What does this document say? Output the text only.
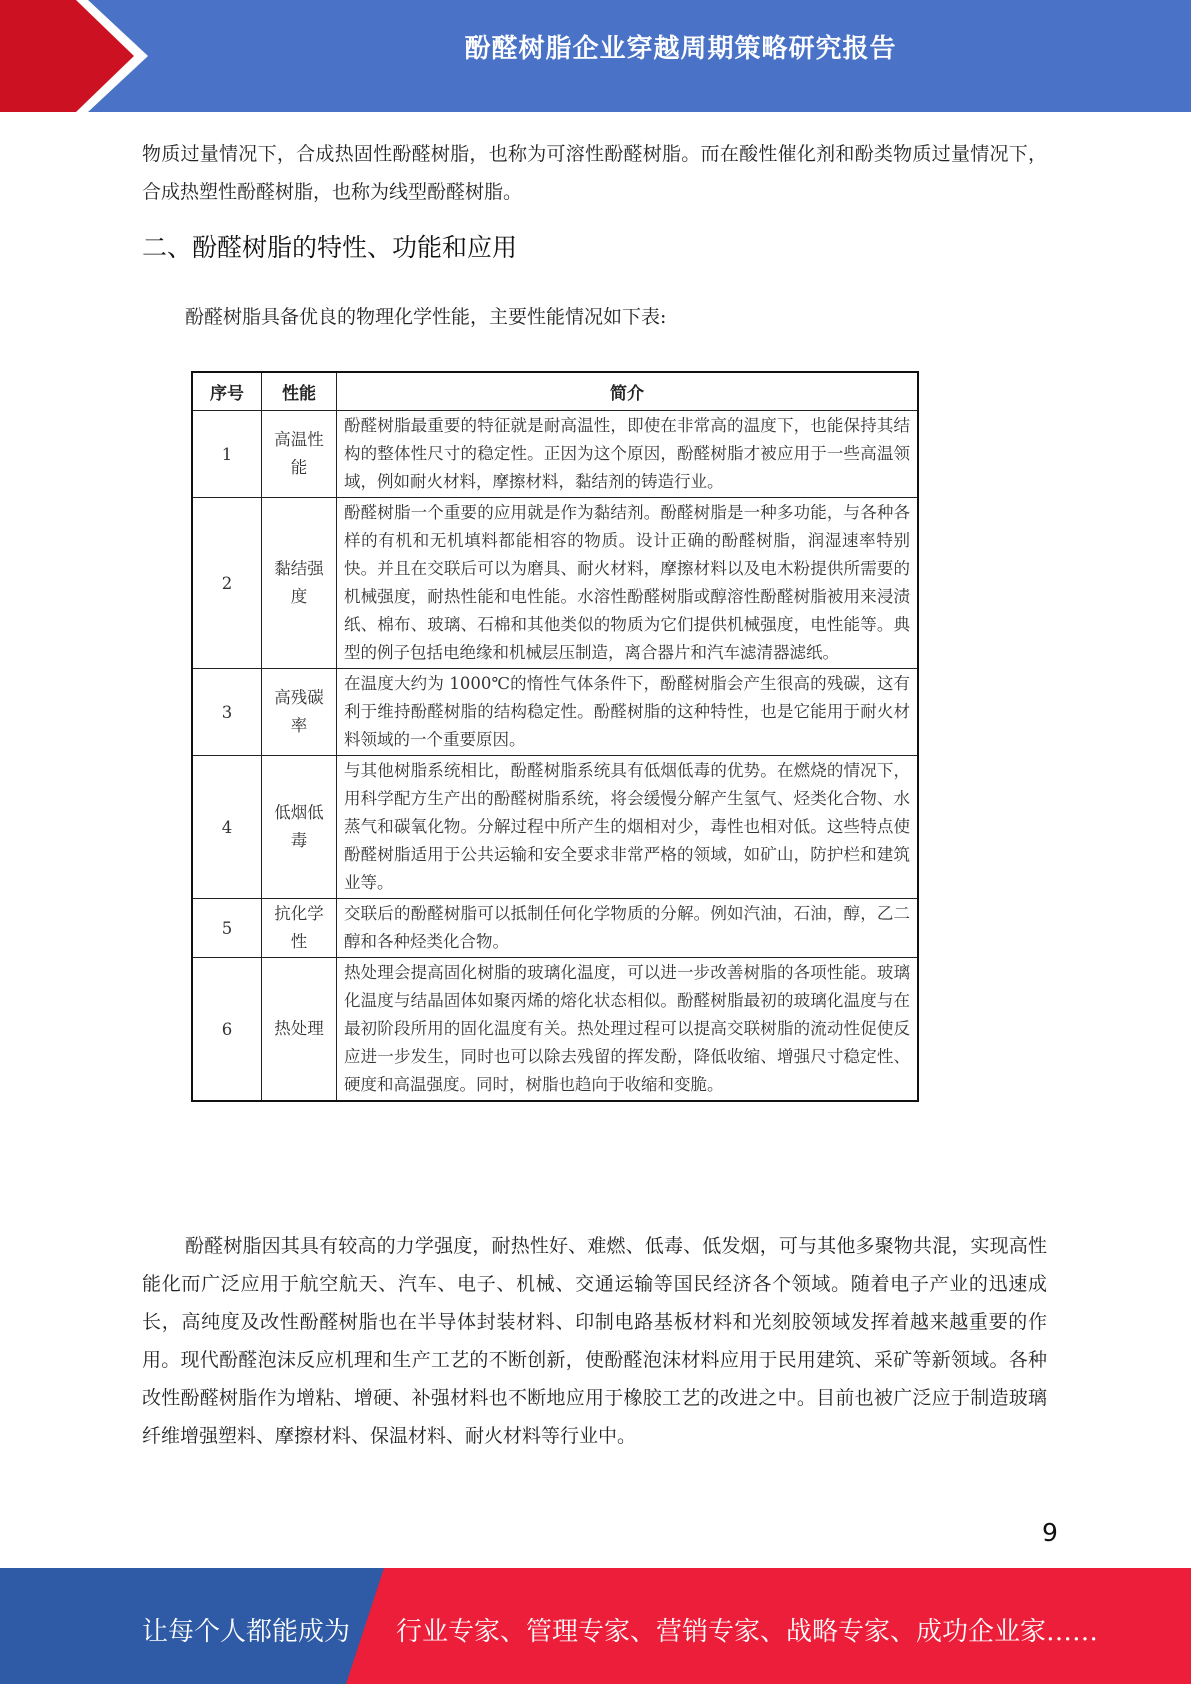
酚醛树脂企业穿越周期策略研究报告

物质过量情况下，合成热固性酚醛树脂，也称为可溶性酚醛树脂。而在酸性催化剂和酚类物质过量情况下，合成热塑性酚醛树脂，也称为线型酚醛树脂。

二、酚醛树脂的特性、功能和应用

酚醛树脂具备优良的物理化学性能，主要性能情况如下表:

序号	性能	简介
1	高温性能	酚醛树脂最重要的特征就是耐高温性，即使在非常高的温度下，也能保持其结构的整体性尺寸的稳定性。正因为这个原因，酚醛树脂才被应用于一些高温领域，例如耐火材料，摩擦材料，黏结剂的铸造行业。
2	黏结强度	酚醛树脂一个重要的应用就是作为黏结剂。酚醛树脂是一种多功能，与各种各样的有机和无机填料都能相容的物质。设计正确的酚醛树脂，润湿速率特别快。并且在交联后可以为磨具、耐火材料，摩擦材料以及电木粉提供所需要的机械强度，耐热性能和电性能。水溶性酚醛树脂或醇溶性酚醛树脂被用来浸渍纸、棉布、玻璃、石棉和其他类似的物质为它们提供机械强度，电性能等。典型的例子包括电绝缘和机械层压制造，离合器片和汽车滤清器滤纸。
3	高残碳率	在温度大约为 1000℃的惰性气体条件下，酚醛树脂会产生很高的残碳，这有利于维持酚醛树脂的结构稳定性。酚醛树脂的这种特性，也是它能用于耐火材料领域的一个重要原因。
4	低烟低毒	与其他树脂系统相比，酚醛树脂系统具有低烟低毒的优势。在燃烧的情况下，用科学配方生产出的酚醛树脂系统，将会缓慢分解产生氢气、烃类化合物、水蒸气和碳氧化物。分解过程中所产生的烟相对少，毒性也相对低。这些特点使酚醛树脂适用于公共运输和安全要求非常严格的领域，如矿山，防护栏和建筑业等。
5	抗化学性	交联后的酚醛树脂可以抵制任何化学物质的分解。例如汽油，石油，醇，乙二醇和各种烃类化合物。
6	热处理	热处理会提高固化树脂的玻璃化温度，可以进一步改善树脂的各项性能。玻璃化温度与结晶固体如聚丙烯的熔化状态相似。酚醛树脂最初的玻璃化温度与在最初阶段所用的固化温度有关。热处理过程可以提高交联树脂的流动性促使反应进一步发生，同时也可以除去残留的挥发酚，降低收缩、增强尺寸稳定性、硬度和高温强度。同时，树脂也趋向于收缩和变脆。

酚醛树脂因其具有较高的力学强度，耐热性好、难燃、低毒、低发烟，可与其他多聚物共混，实现高性能化而广泛应用于航空航天、汽车、电子、机械、交通运输等国民经济各个领域。随着电子产业的迅速成长，高纯度及改性酚醛树脂也在半导体封装材料、印制电路基板材料和光刻胶领域发挥着越来越重要的作用。现代酚醛泡沫反应机理和生产工艺的不断创新，使酚醛泡沫材料应用于民用建筑、采矿等新领域。各种改性酚醛树脂作为增粘、增硬、补强材料也不断地应用于橡胶工艺的改进之中。目前也被广泛应于制造玻璃纤维增强塑料、摩擦材料、保温材料、耐火材料等行业中。

9
让每个人都能成为 行业专家、管理专家、营销专家、战略专家、成功企业家……
